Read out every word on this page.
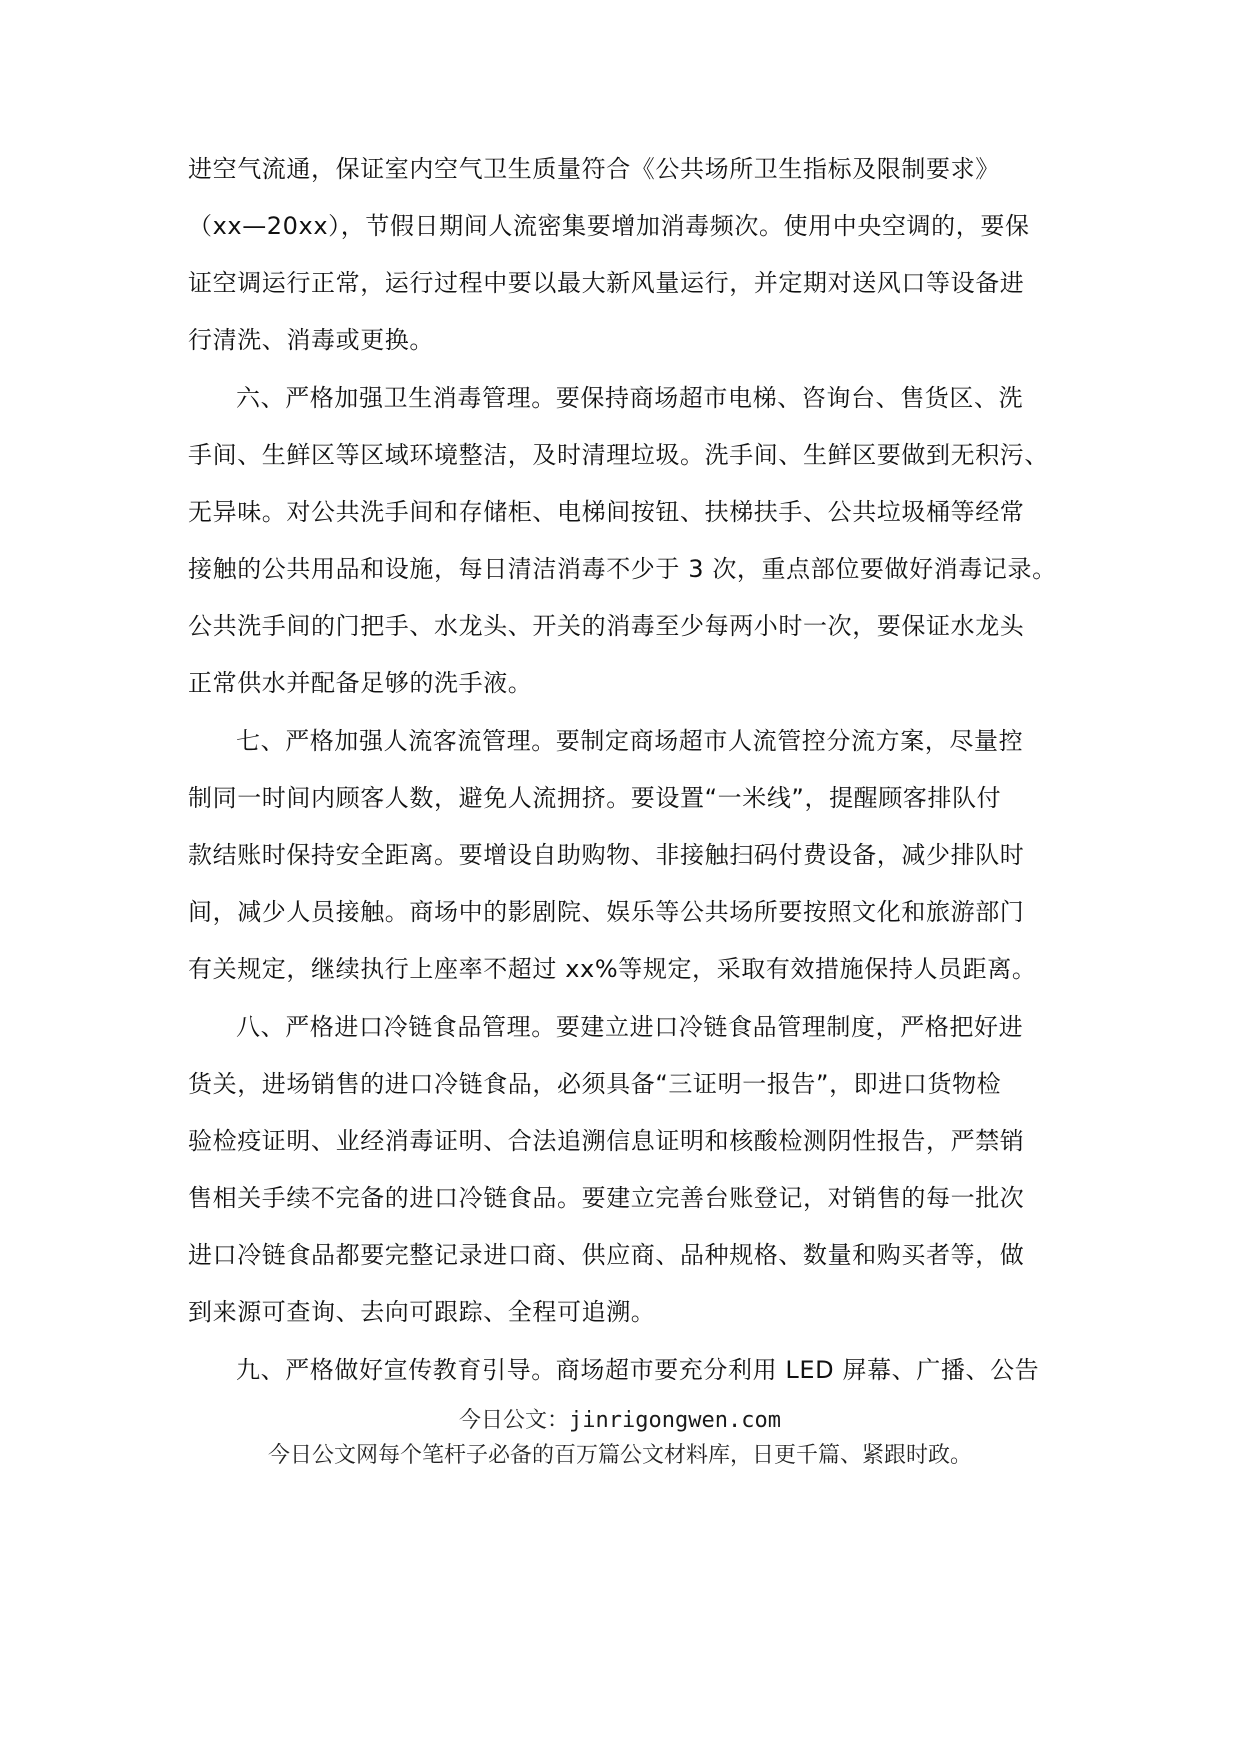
进空气流通，保证室内空气卫生质量符合《公共场所卫生指标及限制要求》
（xx—20xx），节假日期间人流密集要增加消毒频次。使用中央空调的，要保
证空调运行正常，运行过程中要以最大新风量运行，并定期对送风口等设备进
行清洗、消毒或更换。
六、严格加强卫生消毒管理。要保持商场超市电梯、咨询台、售货区、洗
手间、生鲜区等区域环境整洁，及时清理垃圾。洗手间、生鲜区要做到无积污、
无异味。对公共洗手间和存储柜、电梯间按钮、扶梯扶手、公共垃圾桶等经常
接触的公共用品和设施，每日清洁消毒不少于 3 次，重点部位要做好消毒记录。
公共洗手间的门把手、水龙头、开关的消毒至少每两小时一次，要保证水龙头
正常供水并配备足够的洗手液。
七、严格加强人流客流管理。要制定商场超市人流管控分流方案，尽量控
制同一时间内顾客人数，避免人流拥挤。要设置“一米线”，提醒顾客排队付
款结账时保持安全距离。要增设自助购物、非接触扫码付费设备，减少排队时
间，减少人员接触。商场中的影剧院、娱乐等公共场所要按照文化和旅游部门
有关规定，继续执行上座率不超过 xx%等规定，采取有效措施保持人员距离。
八、严格进口冷链食品管理。要建立进口冷链食品管理制度，严格把好进
货关，进场销售的进口冷链食品，必须具备“三证明一报告”，即进口货物检
验检疫证明、业经消毒证明、合法追溯信息证明和核酸检测阴性报告，严禁销
售相关手续不完备的进口冷链食品。要建立完善台账登记，对销售的每一批次
进口冷链食品都要完整记录进口商、供应商、品种规格、数量和购买者等，做
到来源可查询、去向可跟踪、全程可追溯。
九、严格做好宣传教育引导。商场超市要充分利用 LED 屏幕、广播、公告
今日公文：jinrigongwen.com
今日公文网每个笔杆子必备的百万篇公文材料库，日更千篇、紧跟时政。
